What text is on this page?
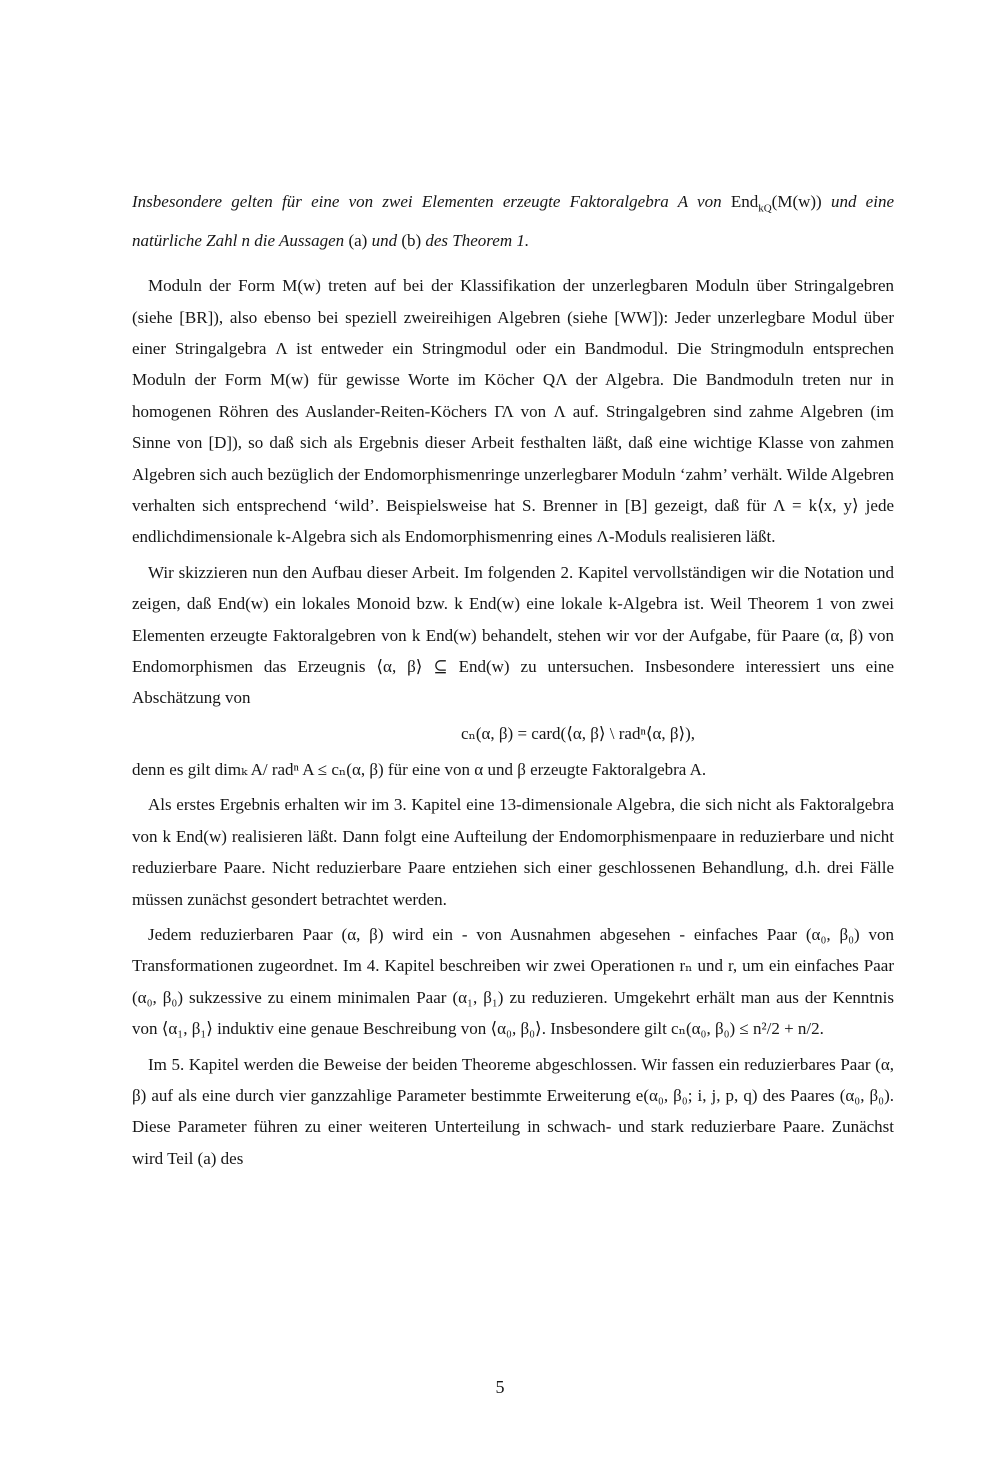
Insbesondere gelten für eine von zwei Elementen erzeugte Faktoralgebra A von End$_{kQ}$(M(w)) und eine natürliche Zahl n die Aussagen (a) und (b) des Theorem 1.

Moduln der Form M(w) treten auf bei der Klassifikation der unzerlegbaren Moduln über Stringalgebren (siehe [BR]), also ebenso bei speziell zweireihigen Algebren (siehe [WW]): Jeder unzerlegbare Modul über einer Stringalgebra Λ ist entweder ein Stringmodul oder ein Bandmodul. Die Stringmoduln entsprechen Moduln der Form M(w) für gewisse Worte im Köcher QΛ der Algebra. Die Bandmoduln treten nur in homogenen Röhren des Auslander-Reiten-Köchers ΓΛ von Λ auf. Stringalgebren sind zahme Algebren (im Sinne von [D]), so daß sich als Ergebnis dieser Arbeit festhalten läßt, daß eine wichtige Klasse von zahmen Algebren sich auch bezüglich der Endomorphismenringe unzerlegbarer Moduln ‘zahm’ verhält. Wilde Algebren verhalten sich entsprechend ‘wild’. Beispielsweise hat S. Brenner in [B] gezeigt, daß für Λ = k⟨x, y⟩ jede endlichdimensionale k-Algebra sich als Endomorphismenring eines Λ-Moduls realisieren läßt.

Wir skizzieren nun den Aufbau dieser Arbeit. Im folgenden 2. Kapitel vervollständigen wir die Notation und zeigen, daß End(w) ein lokales Monoid bzw. k End(w) eine lokale k-Algebra ist. Weil Theorem 1 von zwei Elementen erzeugte Faktoralgebren von k End(w) behandelt, stehen wir vor der Aufgabe, für Paare (α, β) von Endomorphismen das Erzeugnis ⟨α, β⟩ ⊆ End(w) zu untersuchen. Insbesondere interessiert uns eine Abschätzung von

cₙ(α, β) = card(⟨α, β⟩ \ radⁿ⟨α, β⟩),

denn es gilt dimₖ A/ radⁿ A ≤ cₙ(α, β) für eine von α und β erzeugte Faktoralgebra A.

Als erstes Ergebnis erhalten wir im 3. Kapitel eine 13-dimensionale Algebra, die sich nicht als Faktoralgebra von k End(w) realisieren läßt. Dann folgt eine Aufteilung der Endomorphismenpaare in reduzierbare und nicht reduzierbare Paare. Nicht reduzierbare Paare entziehen sich einer geschlossenen Behandlung, d.h. drei Fälle müssen zunächst gesondert betrachtet werden.

Jedem reduzierbaren Paar (α, β) wird ein - von Ausnahmen abgesehen - einfaches Paar (α₀, β₀) von Transformationen zugeordnet. Im 4. Kapitel beschreiben wir zwei Operationen rₙ und r, um ein einfaches Paar (α₀, β₀) sukzessive zu einem minimalen Paar (α₁, β₁) zu reduzieren. Umgekehrt erhält man aus der Kenntnis von ⟨α₁, β₁⟩ induktiv eine genaue Beschreibung von ⟨α₀, β₀⟩. Insbesondere gilt cₙ(α₀, β₀) ≤ n²/2 + n/2.

Im 5. Kapitel werden die Beweise der beiden Theoreme abgeschlossen. Wir fassen ein reduzierbares Paar (α, β) auf als eine durch vier ganzzahlige Parameter bestimmte Erweiterung e(α₀, β₀; i, j, p, q) des Paares (α₀, β₀). Diese Parameter führen zu einer weiteren Unterteilung in schwach- und stark reduzierbare Paare. Zunächst wird Teil (a) des

5
